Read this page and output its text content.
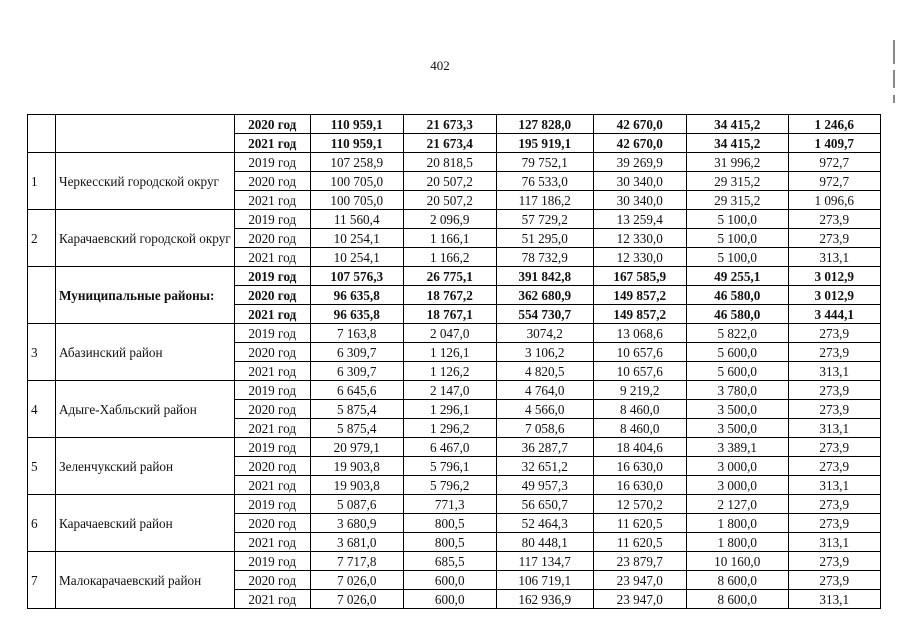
402
		2020 год	110 959,1	21 673,3	127 828,0	42 670,0	34 415,2	1 246,6
		2021 год	110 959,1	21 673,4	195 919,1	42 670,0	34 415,2	1 409,7
1	Черкесский городской округ	2019 год	107 258,9	20 818,5	79 752,1	39 269,9	31 996,2	972,7
		2020 год	100 705,0	20 507,2	76 533,0	30 340,0	29 315,2	972,7
		2021 год	100 705,0	20 507,2	117 186,2	30 340,0	29 315,2	1 096,6
2	Карачаевский городской округ	2019 год	11 560,4	2 096,9	57 729,2	13 259,4	5 100,0	273,9
		2020 год	10 254,1	1 166,1	51 295,0	12 330,0	5 100,0	273,9
		2021 год	10 254,1	1 166,2	78 732,9	12 330,0	5 100,0	313,1
	Муниципальные районы:	2019 год	107 576,3	26 775,1	391 842,8	167 585,9	49 255,1	3 012,9
		2020 год	96 635,8	18 767,2	362 680,9	149 857,2	46 580,0	3 012,9
		2021 год	96 635,8	18 767,1	554 730,7	149 857,2	46 580,0	3 444,1
3	Абазинский район	2019 год	7 163,8	2 047,0	3074,2	13 068,6	5 822,0	273,9
		2020 год	6 309,7	1 126,1	3 106,2	10 657,6	5 600,0	273,9
		2021 год	6 309,7	1 126,2	4 820,5	10 657,6	5 600,0	313,1
4	Адыге-Хабльский район	2019 год	6 645,6	2 147,0	4 764,0	9 219,2	3 780,0	273,9
		2020 год	5 875,4	1 296,1	4 566,0	8 460,0	3 500,0	273,9
		2021 год	5 875,4	1 296,2	7 058,6	8 460,0	3 500,0	313,1
5	Зеленчукский район	2019 год	20 979,1	6 467,0	36 287,7	18 404,6	3 389,1	273,9
		2020 год	19 903,8	5 796,1	32 651,2	16 630,0	3 000,0	273,9
		2021 год	19 903,8	5 796,2	49 957,3	16 630,0	3 000,0	313,1
6	Карачаевский район	2019 год	5 087,6	771,3	56 650,7	12 570,2	2 127,0	273,9
		2020 год	3 680,9	800,5	52 464,3	11 620,5	1 800,0	273,9
		2021 год	3 681,0	800,5	80 448,1	11 620,5	1 800,0	313,1
7	Малокарачаевский район	2019 год	7 717,8	685,5	117 134,7	23 879,7	10 160,0	273,9
		2020 год	7 026,0	600,0	106 719,1	23 947,0	8 600,0	273,9
		2021 год	7 026,0	600,0	162 936,9	23 947,0	8 600,0	313,1
